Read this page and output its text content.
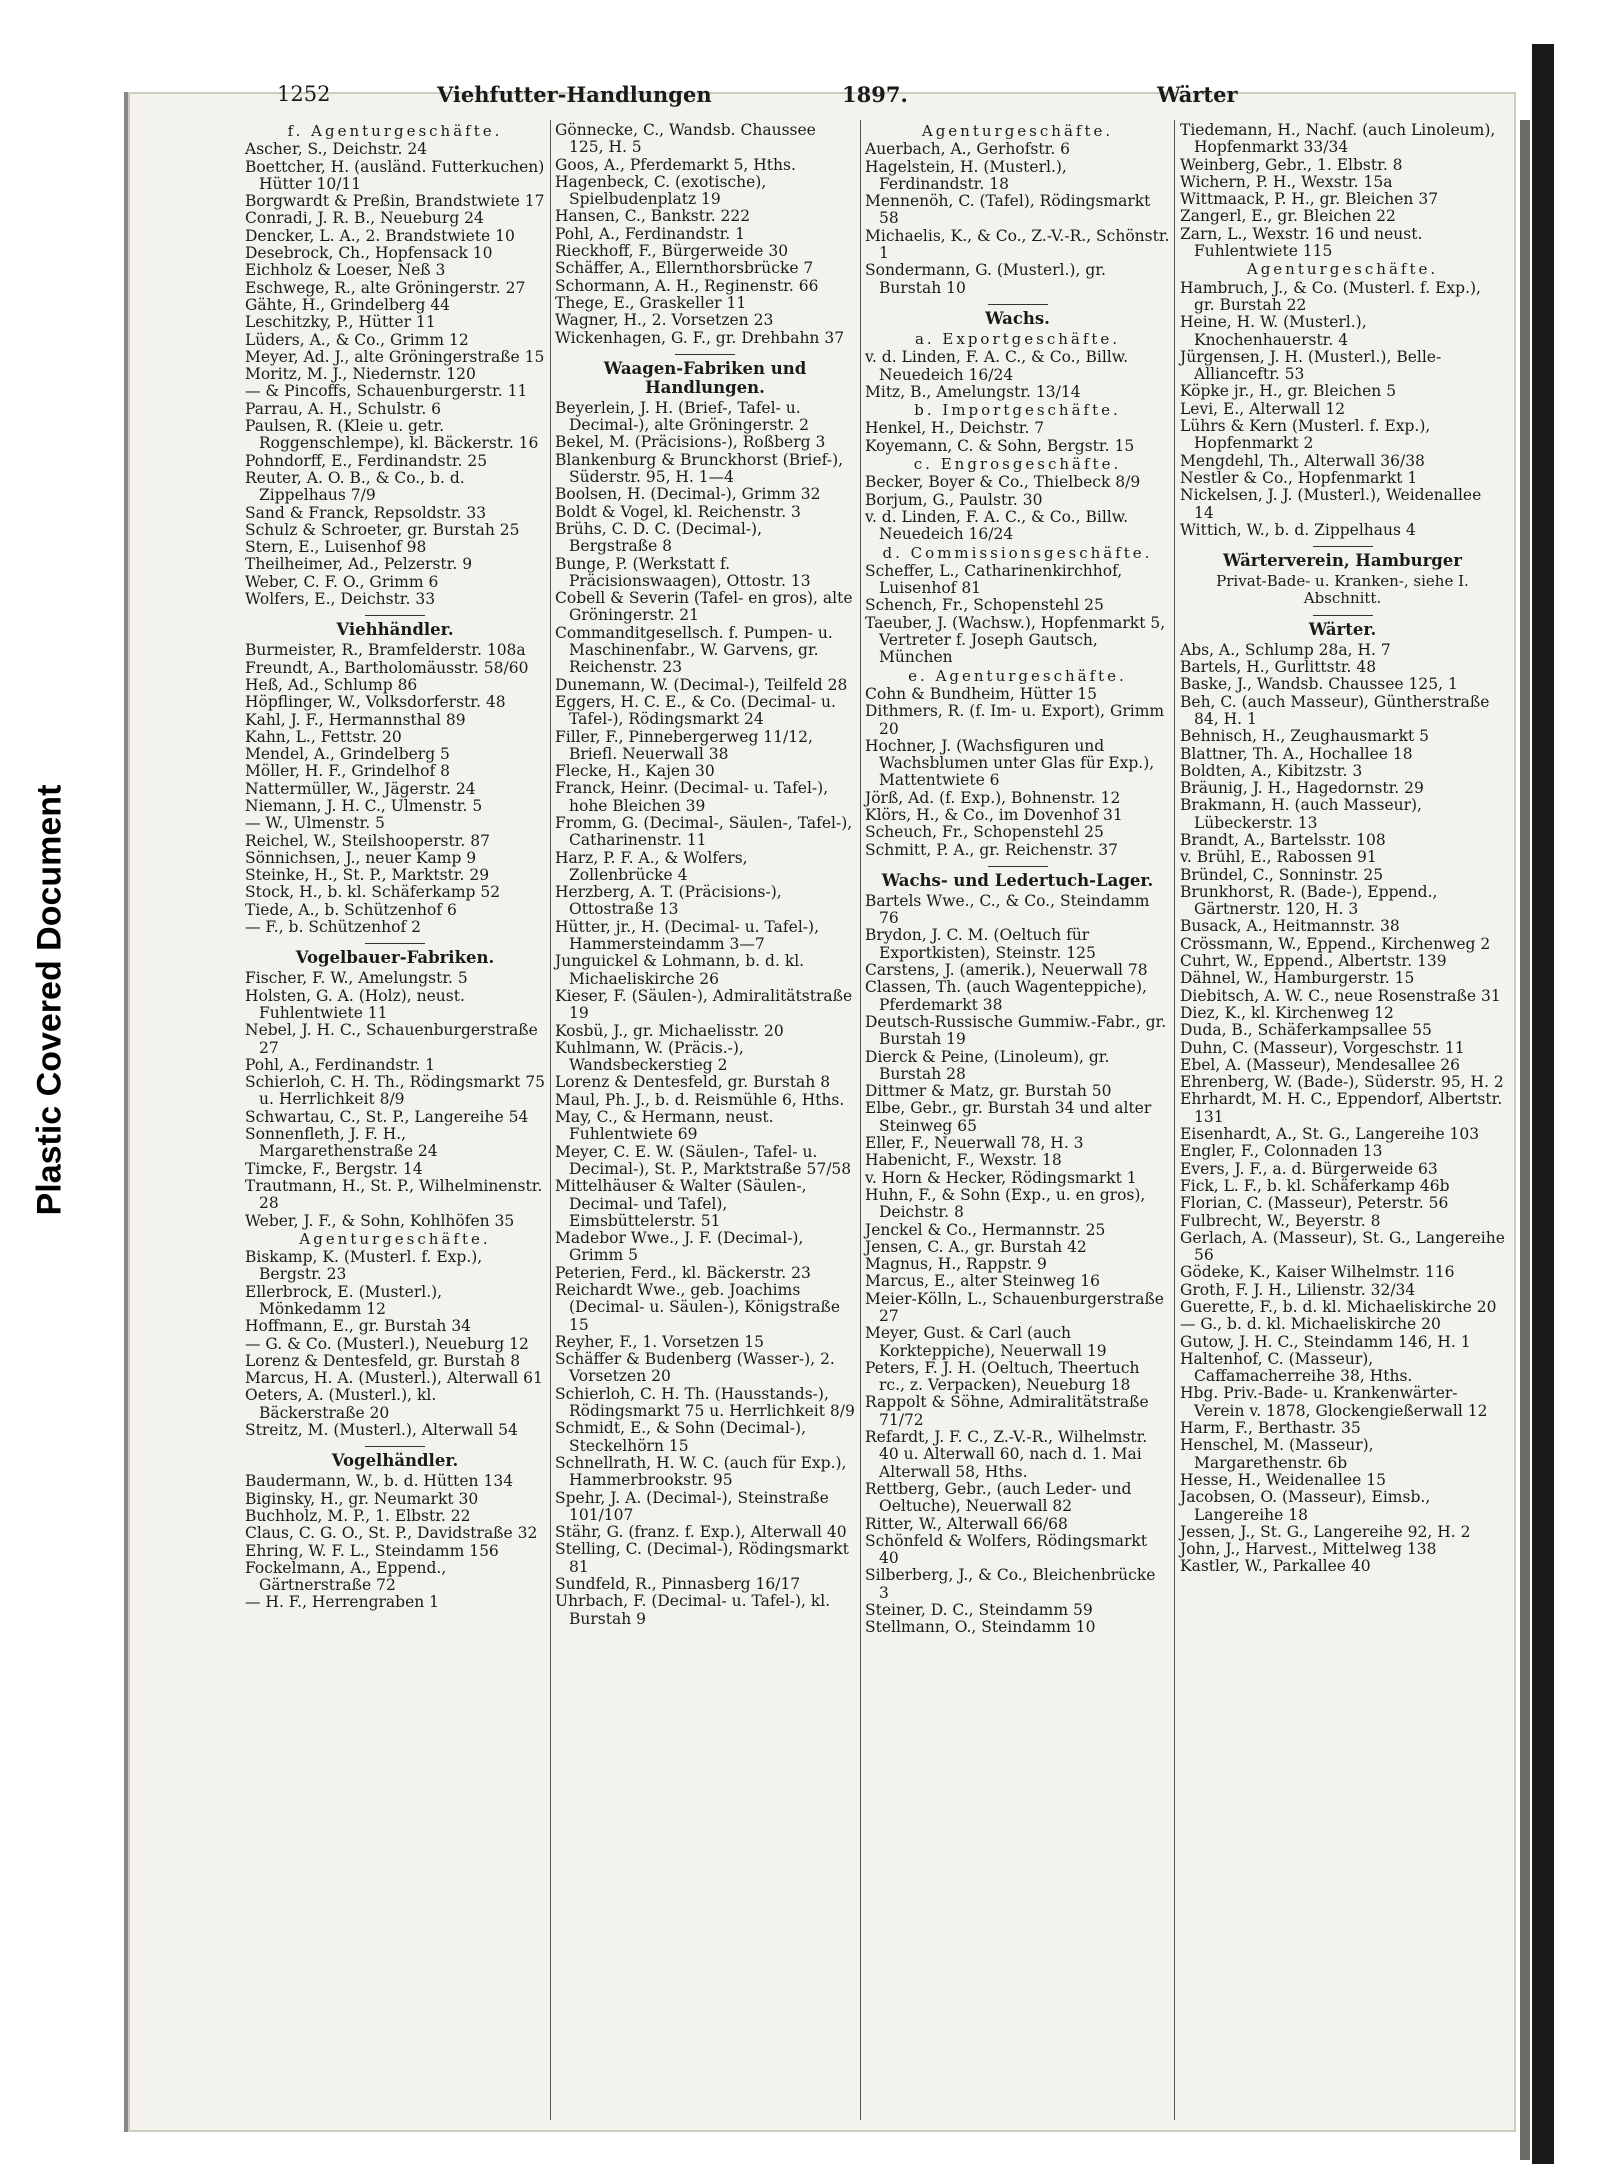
Plastic Covered Document
1252	Viehfutter-Handlungen	1897.	Wärter

f. Agenturgeschäfte.

Ascher, S., Deichstr. 24

Boettcher, H. (ausländ. Futterkuchen) Hütter 10/11

Borgwardt & Preßin, Brandstwiete 17

Conradi, J. R. B., Neueburg 24

Dencker, L. A., 2. Brandstwiete 10

Desebrock, Ch., Hopfensack 10

Eichholz & Loeser, Neß 3

Eschwege, R., alte Gröningerstr. 27

Gähte, H., Grindelberg 44

Leschitzky, P., Hütter 11

Lüders, A., & Co., Grimm 12

Meyer, Ad. J., alte Gröningerstraße 15

Moritz, M. J., Niedernstr. 120

— & Pincoffs, Schauenburgerstr. 11

Parrau, A. H., Schulstr. 6

Paulsen, R. (Kleie u. getr. Roggenschlempe), kl. Bäckerstr. 16

Pohndorff, E., Ferdinandstr. 25

Reuter, A. O. B., & Co., b. d. Zippelhaus 7/9

Sand & Franck, Repsoldstr. 33

Schulz & Schroeter, gr. Burstah 25

Stern, E., Luisenhof 98

Theilheimer, Ad., Pelzerstr. 9

Weber, C. F. O., Grimm 6

Wolfers, E., Deichstr. 33

Viehhändler.

Burmeister, R., Bramfelderstr. 108a

Freundt, A., Bartholomäusstr. 58/60

Heß, Ad., Schlump 86

Höpflinger, W., Volksdorferstr. 48

Kahl, J. F., Hermannsthal 89

Kahn, L., Fettstr. 20

Mendel, A., Grindelberg 5

Möller, H. F., Grindelhof 8

Nattermüller, W., Jägerstr. 24

Niemann, J. H. C., Ulmenstr. 5

— W., Ulmenstr. 5

Reichel, W., Steilshooperstr. 87

Sönnichsen, J., neuer Kamp 9

Steinke, H., St. P., Marktstr. 29

Stock, H., b. kl. Schäferkamp 52

Tiede, A., b. Schützenhof 6

— F., b. Schützenhof 2

Vogelbauer-Fabriken.

Fischer, F. W., Amelungstr. 5

Holsten, G. A. (Holz), neust. Fuhlentwiete 11

Nebel, J. H. C., Schauenburgerstraße 27

Pohl, A., Ferdinandstr. 1

Schierloh, C. H. Th., Rödingsmarkt 75 u. Herrlichkeit 8/9

Schwartau, C., St. P., Langereihe 54

Sonnenfleth, J. F. H., Margarethenstraße 24

Timcke, F., Bergstr. 14

Trautmann, H., St. P., Wilhelminenstr. 28

Weber, J. F., & Sohn, Kohlhöfen 35

Agenturgeschäfte.

Biskamp, K. (Musterl. f. Exp.), Bergstr. 23

Ellerbrock, E. (Musterl.), Mönkedamm 12

Hoffmann, E., gr. Burstah 34

— G. & Co. (Musterl.), Neueburg 12

Lorenz & Dentesfeld, gr. Burstah 8

Marcus, H. A. (Musterl.), Alterwall 61

Oeters, A. (Musterl.), kl. Bäckerstraße 20

Streitz, M. (Musterl.), Alterwall 54

Vogelhändler.

Baudermann, W., b. d. Hütten 134

Biginsky, H., gr. Neumarkt 30

Buchholz, M. P., 1. Elbstr. 22

Claus, C. G. O., St. P., Davidstraße 32

Ehring, W. F. L., Steindamm 156

Fockelmann, A., Eppend., Gärtnerstraße 72

— H. F., Herrengraben 1

Gönnecke, C., Wandsb. Chaussee 125, H. 5

Goos, A., Pferdemarkt 5, Hths.

Hagenbeck, C. (exotische), Spielbudenplatz 19

Hansen, C., Bankstr. 222

Pohl, A., Ferdinandstr. 1

Rieckhoff, F., Bürgerweide 30

Schäffer, A., Ellernthorsbrücke 7

Schormann, A. H., Reginenstr. 66

Thege, E., Graskeller 11

Wagner, H., 2. Vorsetzen 23

Wickenhagen, G. F., gr. Drehbahn 37

Waagen-Fabriken und Handlungen.

Beyerlein, J. H. (Brief-, Tafel- u. Decimal-), alte Gröningerstr. 2

Bekel, M. (Präcisions-), Roßberg 3

Blankenburg & Brunckhorst (Brief-), Süderstr. 95, H. 1—4

Boolsen, H. (Decimal-), Grimm 32

Boldt & Vogel, kl. Reichenstr. 3

Brühs, C. D. C. (Decimal-), Bergstraße 8

Bunge, P. (Werkstatt f. Präcisionswaagen), Ottostr. 13

Cobell & Severin (Tafel- en gros), alte Gröningerstr. 21

Commanditgesellsch. f. Pumpen- u. Maschinenfabr., W. Garvens, gr. Reichenstr. 23

Dunemann, W. (Decimal-), Teilfeld 28

Eggers, H. C. E., & Co. (Decimal- u. Tafel-), Rödingsmarkt 24

Filler, F., Pinnebergerweg 11/12, Briefl. Neuerwall 38

Flecke, H., Kajen 30

Franck, Heinr. (Decimal- u. Tafel-), hohe Bleichen 39

Fromm, G. (Decimal-, Säulen-, Tafel-), Catharinenstr. 11

Harz, P. F. A., & Wolfers, Zollenbrücke 4

Herzberg, A. T. (Präcisions-), Ottostraße 13

Hütter, jr., H. (Decimal- u. Tafel-), Hammersteindamm 3—7

Junguickel & Lohmann, b. d. kl. Michaeliskirche 26

Kieser, F. (Säulen-), Admiralitätstraße 19

Kosbü, J., gr. Michaelisstr. 20

Kuhlmann, W. (Präcis.-), Wandsbeckerstieg 2

Lorenz & Dentesfeld, gr. Burstah 8

Maul, Ph. J., b. d. Reismühle 6, Hths.

May, C., & Hermann, neust. Fuhlentwiete 69

Meyer, C. E. W. (Säulen-, Tafel- u. Decimal-), St. P., Marktstraße 57/58

Mittelhäuser & Walter (Säulen-, Decimal- und Tafel), Eimsbüttelerstr. 51

Madebor Wwe., J. F. (Decimal-), Grimm 5

Peterien, Ferd., kl. Bäckerstr. 23

Reichardt Wwe., geb. Joachims (Decimal- u. Säulen-), Königstraße 15

Reyher, F., 1. Vorsetzen 15

Schäffer & Budenberg (Wasser-), 2. Vorsetzen 20

Schierloh, C. H. Th. (Hausstands-), Rödingsmarkt 75 u. Herrlichkeit 8/9

Schmidt, E., & Sohn (Decimal-), Steckelhörn 15

Schnellrath, H. W. C. (auch für Exp.), Hammerbrookstr. 95

Spehr, J. A. (Decimal-), Steinstraße 101/107

Stähr, G. (franz. f. Exp.), Alterwall 40

Stelling, C. (Decimal-), Rödingsmarkt 81

Sundfeld, R., Pinnasberg 16/17

Uhrbach, F. (Decimal- u. Tafel-), kl. Burstah 9

Agenturgeschäfte.

Auerbach, A., Gerhofstr. 6

Hagelstein, H. (Musterl.), Ferdinandstr. 18

Mennenöh, C. (Tafel), Rödingsmarkt 58

Michaelis, K., & Co., Z.-V.-R., Schönstr. 1

Sondermann, G. (Musterl.), gr. Burstah 10

Wachs.

a. Exportgeschäfte.

v. d. Linden, F. A. C., & Co., Billw. Neuedeich 16/24

Mitz, B., Amelungstr. 13/14

b. Importgeschäfte.

Henkel, H., Deichstr. 7

Koyemann, C. & Sohn, Bergstr. 15

c. Engrosgeschäfte.

Becker, Boyer & Co., Thielbeck 8/9

Borjum, G., Paulstr. 30

v. d. Linden, F. A. C., & Co., Billw. Neuedeich 16/24

d. Commissionsgeschäfte.

Scheffer, L., Catharinenkirchhof, Luisenhof 81

Schench, Fr., Schopenstehl 25

Taeuber, J. (Wachsw.), Hopfenmarkt 5, Vertreter f. Joseph Gautsch, München

e. Agenturgeschäfte.

Cohn & Bundheim, Hütter 15

Dithmers, R. (f. Im- u. Export), Grimm 20

Hochner, J. (Wachsfiguren und Wachsblumen unter Glas für Exp.), Mattentwiete 6

Jörß, Ad. (f. Exp.), Bohnenstr. 12

Klörs, H., & Co., im Dovenhof 31

Scheuch, Fr., Schopenstehl 25

Schmitt, P. A., gr. Reichenstr. 37

Wachs- und Ledertuch-Lager.

Bartels Wwe., C., & Co., Steindamm 76

Brydon, J. C. M. (Oeltuch für Exportkisten), Steinstr. 125

Carstens, J. (amerik.), Neuerwall 78

Classen, Th. (auch Wagenteppiche), Pferdemarkt 38

Deutsch-Russische Gummiw.-Fabr., gr. Burstah 19

Dierck & Peine, (Linoleum), gr. Burstah 28

Dittmer & Matz, gr. Burstah 50

Elbe, Gebr., gr. Burstah 34 und alter Steinweg 65

Eller, F., Neuerwall 78, H. 3

Habenicht, F., Wexstr. 18

v. Horn & Hecker, Rödingsmarkt 1

Huhn, F., & Sohn (Exp., u. en gros), Deichstr. 8

Jenckel & Co., Hermannstr. 25

Jensen, C. A., gr. Burstah 42

Magnus, H., Rappstr. 9

Marcus, E., alter Steinweg 16

Meier-Kölln, L., Schauenburgerstraße 27

Meyer, Gust. & Carl (auch Korkteppiche), Neuerwall 19

Peters, F. J. H. (Oeltuch, Theertuch rc., z. Verpacken), Neueburg 18

Rappolt & Söhne, Admiralitätstraße 71/72

Refardt, J. F. C., Z.-V.-R., Wilhelmstr. 40 u. Alterwall 60, nach d. 1. Mai Alterwall 58, Hths.

Rettberg, Gebr., (auch Leder- und Oeltuche), Neuerwall 82

Ritter, W., Alterwall 66/68

Schönfeld & Wolfers, Rödingsmarkt 40

Silberberg, J., & Co., Bleichenbrücke 3

Steiner, D. C., Steindamm 59

Stellmann, O., Steindamm 10

Tiedemann, H., Nachf. (auch Linoleum), Hopfenmarkt 33/34

Weinberg, Gebr., 1. Elbstr. 8

Wichern, P. H., Wexstr. 15a

Wittmaack, P. H., gr. Bleichen 37

Zangerl, E., gr. Bleichen 22

Zarn, L., Wexstr. 16 und neust. Fuhlentwiete 115

Agenturgeschäfte.

Hambruch, J., & Co. (Musterl. f. Exp.), gr. Burstah 22

Heine, H. W. (Musterl.), Knochenhauerstr. 4

Jürgensen, J. H. (Musterl.), Belle-Allianceftr. 53

Köpke jr., H., gr. Bleichen 5

Levi, E., Alterwall 12

Lührs & Kern (Musterl. f. Exp.), Hopfenmarkt 2

Mengdehl, Th., Alterwall 36/38

Nestler & Co., Hopfenmarkt 1

Nickelsen, J. J. (Musterl.), Weidenallee 14

Wittich, W., b. d. Zippelhaus 4

Wärterverein, Hamburger

Privat-Bade- u. Kranken-, siehe I. Abschnitt.

Wärter.

Abs, A., Schlump 28a, H. 7

Bartels, H., Gurlittstr. 48

Baske, J., Wandsb. Chaussee 125, 1

Beh, C. (auch Masseur), Güntherstraße 84, H. 1

Behnisch, H., Zeughausmarkt 5

Blattner, Th. A., Hochallee 18

Boldten, A., Kibitzstr. 3

Bräunig, J. H., Hagedornstr. 29

Brakmann, H. (auch Masseur), Lübeckerstr. 13

Brandt, A., Bartelsstr. 108

v. Brühl, E., Rabossen 91

Bründel, C., Sonninstr. 25

Brunkhorst, R. (Bade-), Eppend., Gärtnerstr. 120, H. 3

Busack, A., Heitmannstr. 38

Crössmann, W., Eppend., Kirchenweg 2

Cuhrt, W., Eppend., Albertstr. 139

Dähnel, W., Hamburgerstr. 15

Diebitsch, A. W. C., neue Rosenstraße 31

Diez, K., kl. Kirchenweg 12

Duda, B., Schäferkampsallee 55

Duhn, C. (Masseur), Vorgeschstr. 11

Ebel, A. (Masseur), Mendesallee 26

Ehrenberg, W. (Bade-), Süderstr. 95, H. 2

Ehrhardt, M. H. C., Eppendorf, Albertstr. 131

Eisenhardt, A., St. G., Langereihe 103

Engler, F., Colonnaden 13

Evers, J. F., a. d. Bürgerweide 63

Fick, L. F., b. kl. Schäferkamp 46b

Florian, C. (Masseur), Peterstr. 56

Fulbrecht, W., Beyerstr. 8

Gerlach, A. (Masseur), St. G., Langereihe 56

Gödeke, K., Kaiser Wilhelmstr. 116

Groth, F. J. H., Lilienstr. 32/34

Guerette, F., b. d. kl. Michaeliskirche 20

— G., b. d. kl. Michaeliskirche 20

Gutow, J. H. C., Steindamm 146, H. 1

Haltenhof, C. (Masseur), Caffamacherreihe 38, Hths.

Hbg. Priv.-Bade- u. Krankenwärter-Verein v. 1878, Glockengießerwall 12

Harm, F., Berthastr. 35

Henschel, M. (Masseur), Margarethenstr. 6b

Hesse, H., Weidenallee 15

Jacobsen, O. (Masseur), Eimsb., Langereihe 18

Jessen, J., St. G., Langereihe 92, H. 2

John, J., Harvest., Mittelweg 138

Kastler, W., Parkallee 40
